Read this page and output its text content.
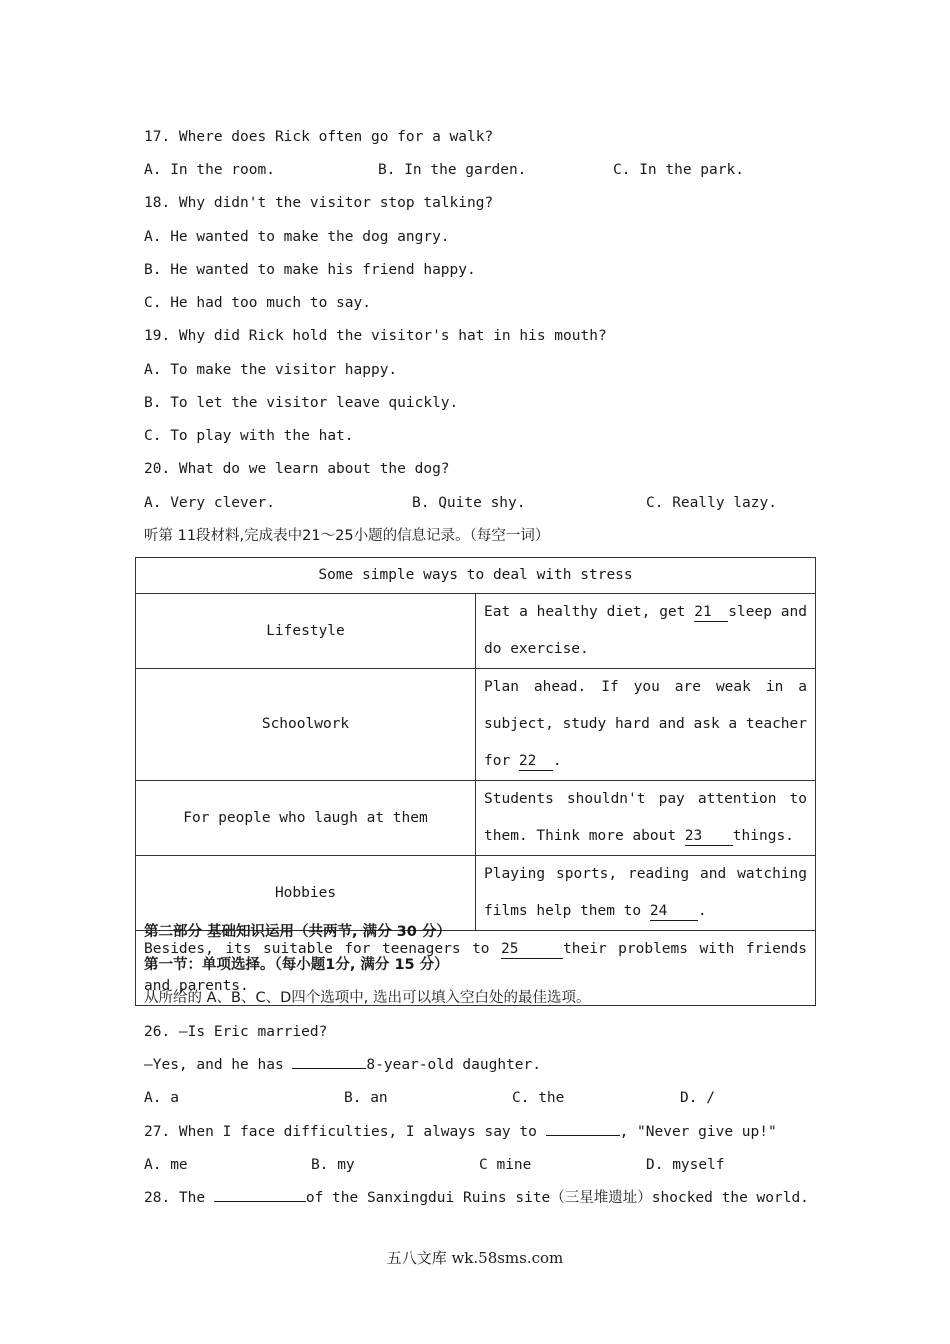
17. Where does Rick often go for a walk?
A. In the room.	B. In the garden.	C. In the park.
18. Why didn't the visitor stop talking?
A. He wanted to make the dog angry.
B. He wanted to make his friend happy.
C. He had too much to say.
19. Why did Rick hold the visitor's hat in his mouth?
A. To make the visitor happy.
B. To let the visitor leave quickly.
C. To play with the hat.
20. What do we learn about the dog?
A. Very clever.	B. Quite shy.	C. Really lazy.
听第 11段材料,完成表中21～25小题的信息记录。（每空一词）
Some simple ways to deal with stress	
Lifestyle	Eat a healthy diet, get 21 sleep and do exercise.
Schoolwork	Plan ahead. If you are weak in a subject, study hard and ask a teacher for 22 .
For people who laugh at them	Students shouldn't pay attention to them. Think more about 23 things.
Hobbies	Playing sports, reading and watching films help them to 24 .
Besides, its suitable for teenagers to 25 their problems with friends and parents.	
第二部分 基础知识运用（共两节, 满分 30 分）
第一节：单项选择。（每小题1分, 满分 15 分）
从所给的 A、B、C、D四个选项中, 选出可以填入空白处的最佳选项。
26. —Is Eric married?
—Yes, and he has	8-year-old daughter.
A. a	B. an	C. the	D. /
27. When I face difficulties, I always say to	, "Never give up!"
A. me	B. my	C mine	D. myself
28. The	of the Sanxingdui Ruins site（三星堆遗址）shocked the world.
五八文库 wk.58sms.com
